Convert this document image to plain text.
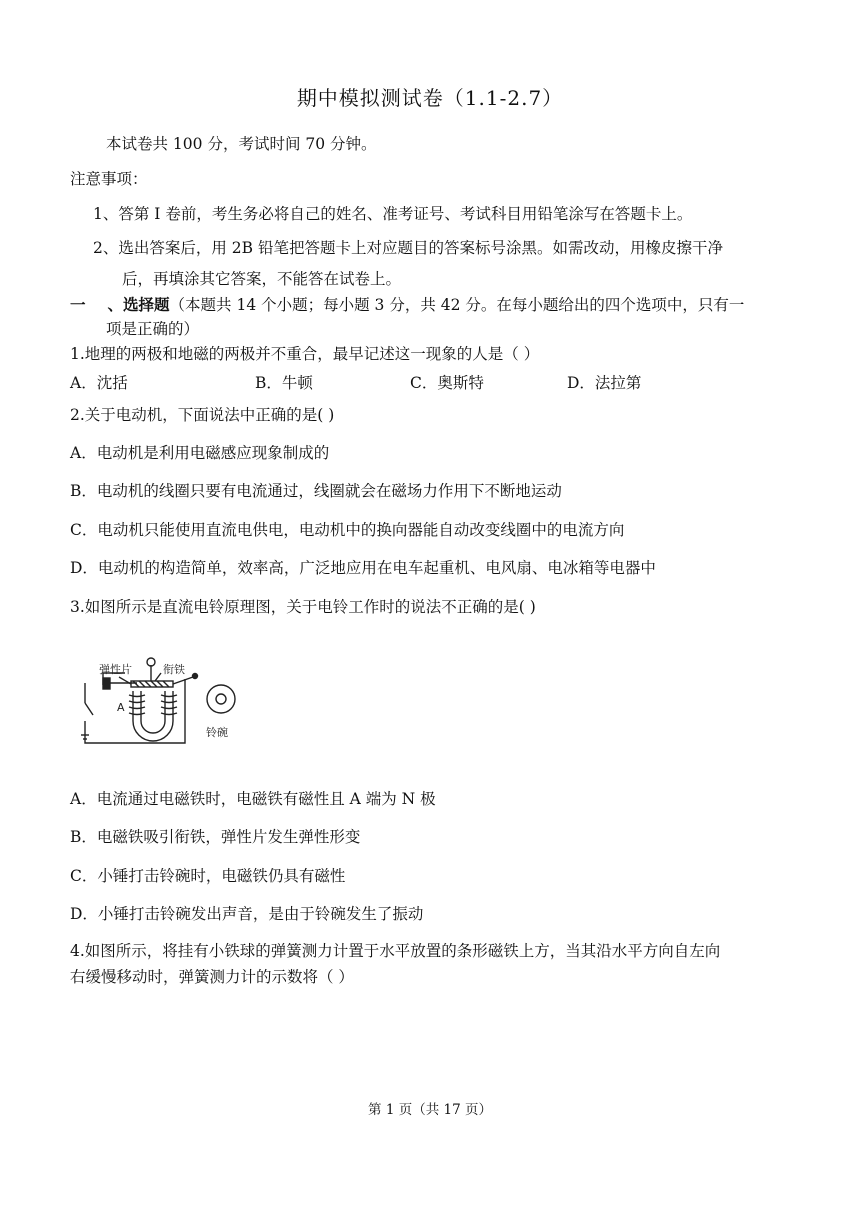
期中模拟测试卷（1.1-2.7）
本试卷共 100 分，考试时间 70 分钟。
注意事项：
1、答第 I 卷前，考生务必将自己的姓名、准考证号、考试科目用铅笔涂写在答题卡上。
2、选出答案后，用 2B 铅笔把答题卡上对应题目的答案标号涂黑。如需改动，用橡皮擦干净
后，再填涂其它答案，不能答在试卷上。
一 、选择题（本题共 14 个小题；每小题 3 分，共 42 分。在每小题给出的四个选项中，只有一
项是正确的）
1.地理的两极和地磁的两极并不重合，最早记述这一现象的人是（ ）
A．沈括	B．牛顿	C．奥斯特	D．法拉第
2.关于电动机，下面说法中正确的是( )
A．电动机是利用电磁感应现象制成的
B．电动机的线圈只要有电流通过，线圈就会在磁场力作用下不断地运动
C．电动机只能使用直流电供电，电动机中的换向器能自动改变线圈中的电流方向
D．电动机的构造简单，效率高，广泛地应用在电车起重机、电风扇、电冰箱等电器中
3.如图所示是直流电铃原理图，关于电铃工作时的说法不正确的是( )
弹性片	衔铁
A
铃碗
A．电流通过电磁铁时，电磁铁有磁性且 A 端为 N 极
B．电磁铁吸引衔铁，弹性片发生弹性形变
C．小锤打击铃碗时，电磁铁仍具有磁性
D．小锤打击铃碗发出声音，是由于铃碗发生了振动
4.如图所示，将挂有小铁球的弹簧测力计置于水平放置的条形磁铁上方，当其沿水平方向自左向
右缓慢移动时，弹簧测力计的示数将（ ）
第 1 页（共 17 页）
